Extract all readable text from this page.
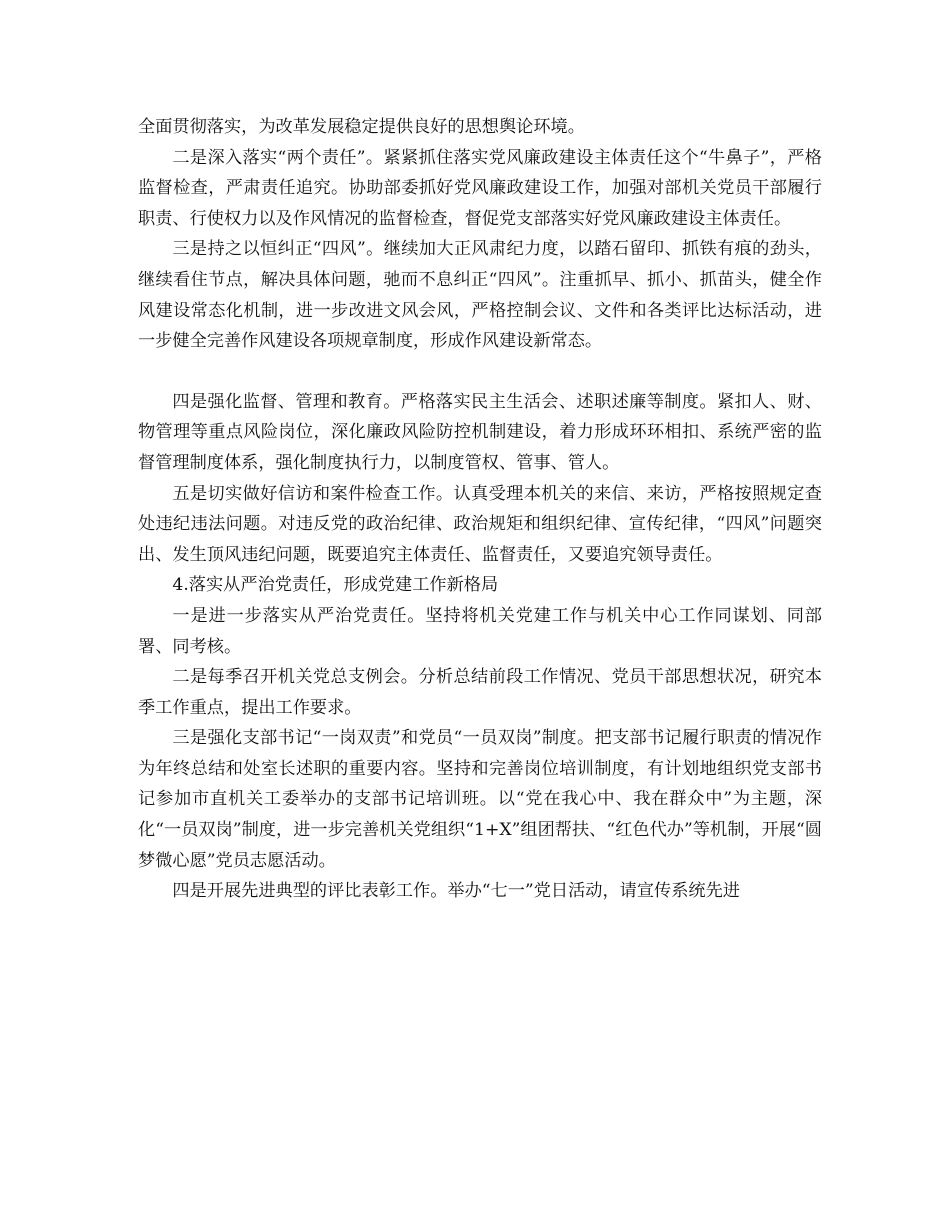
全面贯彻落实，为改革发展稳定提供良好的思想舆论环境。

二是深入落实“两个责任”。紧紧抓住落实党风廉政建设主体责任这个“牛鼻子”，严格监督检查，严肃责任追究。协助部委抓好党风廉政建设工作，加强对部机关党员干部履行职责、行使权力以及作风情况的监督检查，督促党支部落实好党风廉政建设主体责任。

三是持之以恒纠正“四风”。继续加大正风肃纪力度，以踏石留印、抓铁有痕的劲头，继续看住节点，解决具体问题，驰而不息纠正“四风”。注重抓早、抓小、抓苗头，健全作风建设常态化机制，进一步改进文风会风，严格控制会议、文件和各类评比达标活动，进一步健全完善作风建设各项规章制度，形成作风建设新常态。

四是强化监督、管理和教育。严格落实民主生活会、述职述廉等制度。紧扣人、财、物管理等重点风险岗位，深化廉政风险防控机制建设，着力形成环环相扣、系统严密的监督管理制度体系，强化制度执行力，以制度管权、管事、管人。

五是切实做好信访和案件检查工作。认真受理本机关的来信、来访，严格按照规定查处违纪违法问题。对违反党的政治纪律、政治规矩和组织纪律、宣传纪律，“四风”问题突出、发生顶风违纪问题，既要追究主体责任、监督责任，又要追究领导责任。

4.落实从严治党责任，形成党建工作新格局

一是进一步落实从严治党责任。坚持将机关党建工作与机关中心工作同谋划、同部署、同考核。

二是每季召开机关党总支例会。分析总结前段工作情况、党员干部思想状况，研究本季工作重点，提出工作要求。

三是强化支部书记“一岗双责”和党员“一员双岗”制度。把支部书记履行职责的情况作为年终总结和处室长述职的重要内容。坚持和完善岗位培训制度，有计划地组织党支部书记参加市直机关工委举办的支部书记培训班。以“党在我心中、我在群众中”为主题，深化“一员双岗”制度，进一步完善机关党组织“1+X”组团帮扶、“红色代办”等机制，开展“圆梦微心愿”党员志愿活动。

四是开展先进典型的评比表彰工作。举办“七一”党日活动，请宣传系统先进
